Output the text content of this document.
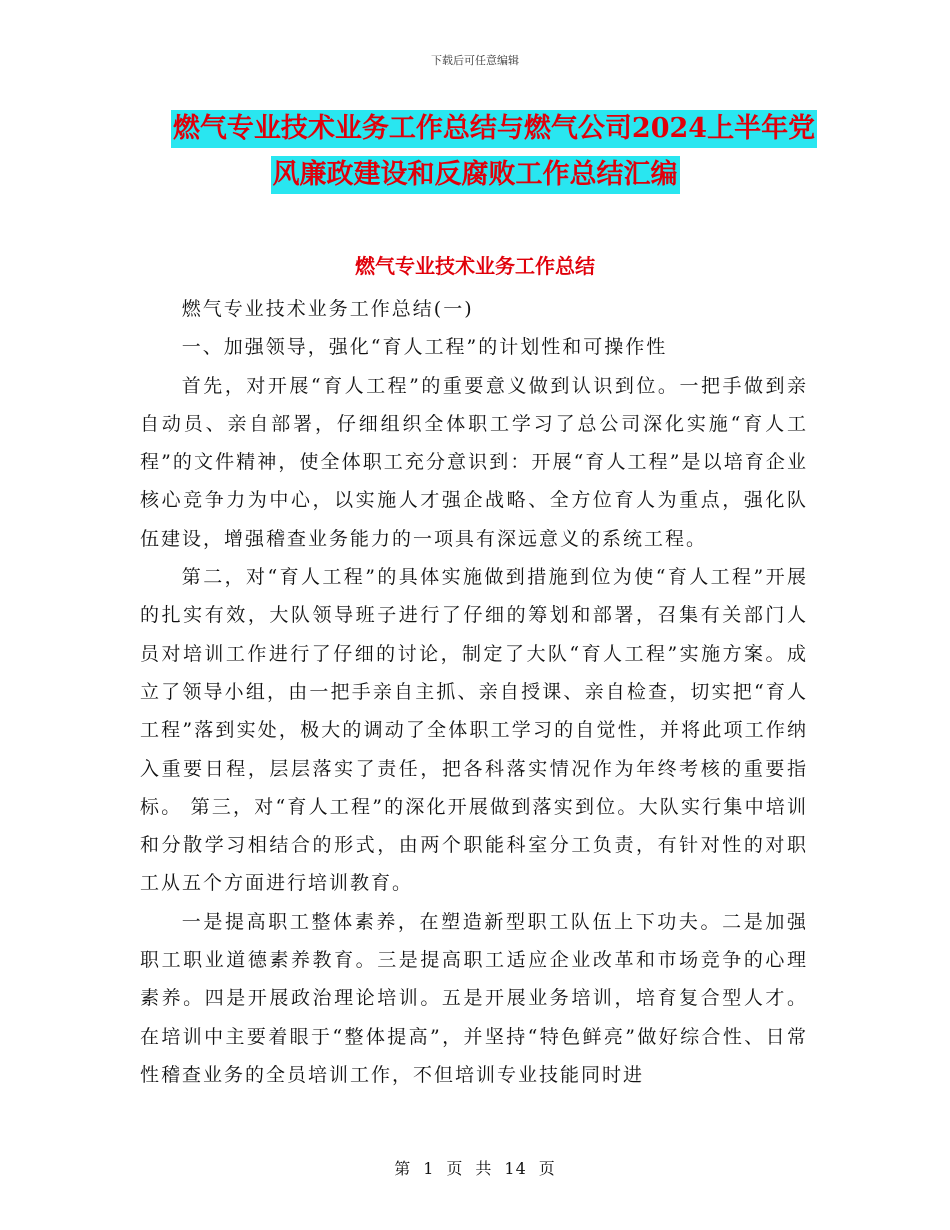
下载后可任意编辑
燃气专业技术业务工作总结与燃气公司2024上半年党
风廉政建设和反腐败工作总结汇编
燃气专业技术业务工作总结

燃气专业技术业务工作总结(一)

一、加强领导，强化“育人工程”的计划性和可操作性

首先，对开展“育人工程”的重要意义做到认识到位。一把手做到亲自动员、亲自部署，仔细组织全体职工学习了总公司深化实施“育人工程”的文件精神，使全体职工充分意识到：开展“育人工程”是以培育企业核心竞争力为中心，以实施人才强企战略、全方位育人为重点，强化队伍建设，增强稽查业务能力的一项具有深远意义的系统工程。

第二，对“育人工程”的具体实施做到措施到位为使“育人工程”开展的扎实有效，大队领导班子进行了仔细的筹划和部署，召集有关部门人员对培训工作进行了仔细的讨论，制定了大队“育人工程”实施方案。成立了领导小组，由一把手亲自主抓、亲自授课、亲自检查，切实把“育人工程”落到实处，极大的调动了全体职工学习的自觉性，并将此项工作纳入重要日程，层层落实了责任，把各科落实情况作为年终考核的重要指标。 第三，对“育人工程”的深化开展做到落实到位。大队实行集中培训和分散学习相结合的形式，由两个职能科室分工负责，有针对性的对职工从五个方面进行培训教育。

一是提高职工整体素养，在塑造新型职工队伍上下功夫。二是加强职工职业道德素养教育。三是提高职工适应企业改革和市场竞争的心理素养。四是开展政治理论培训。五是开展业务培训，培育复合型人才。 在培训中主要着眼于“整体提高”，并坚持“特色鲜亮”做好综合性、日常性稽查业务的全员培训工作，不但培训专业技能同时进

第 1 页 共 14 页
